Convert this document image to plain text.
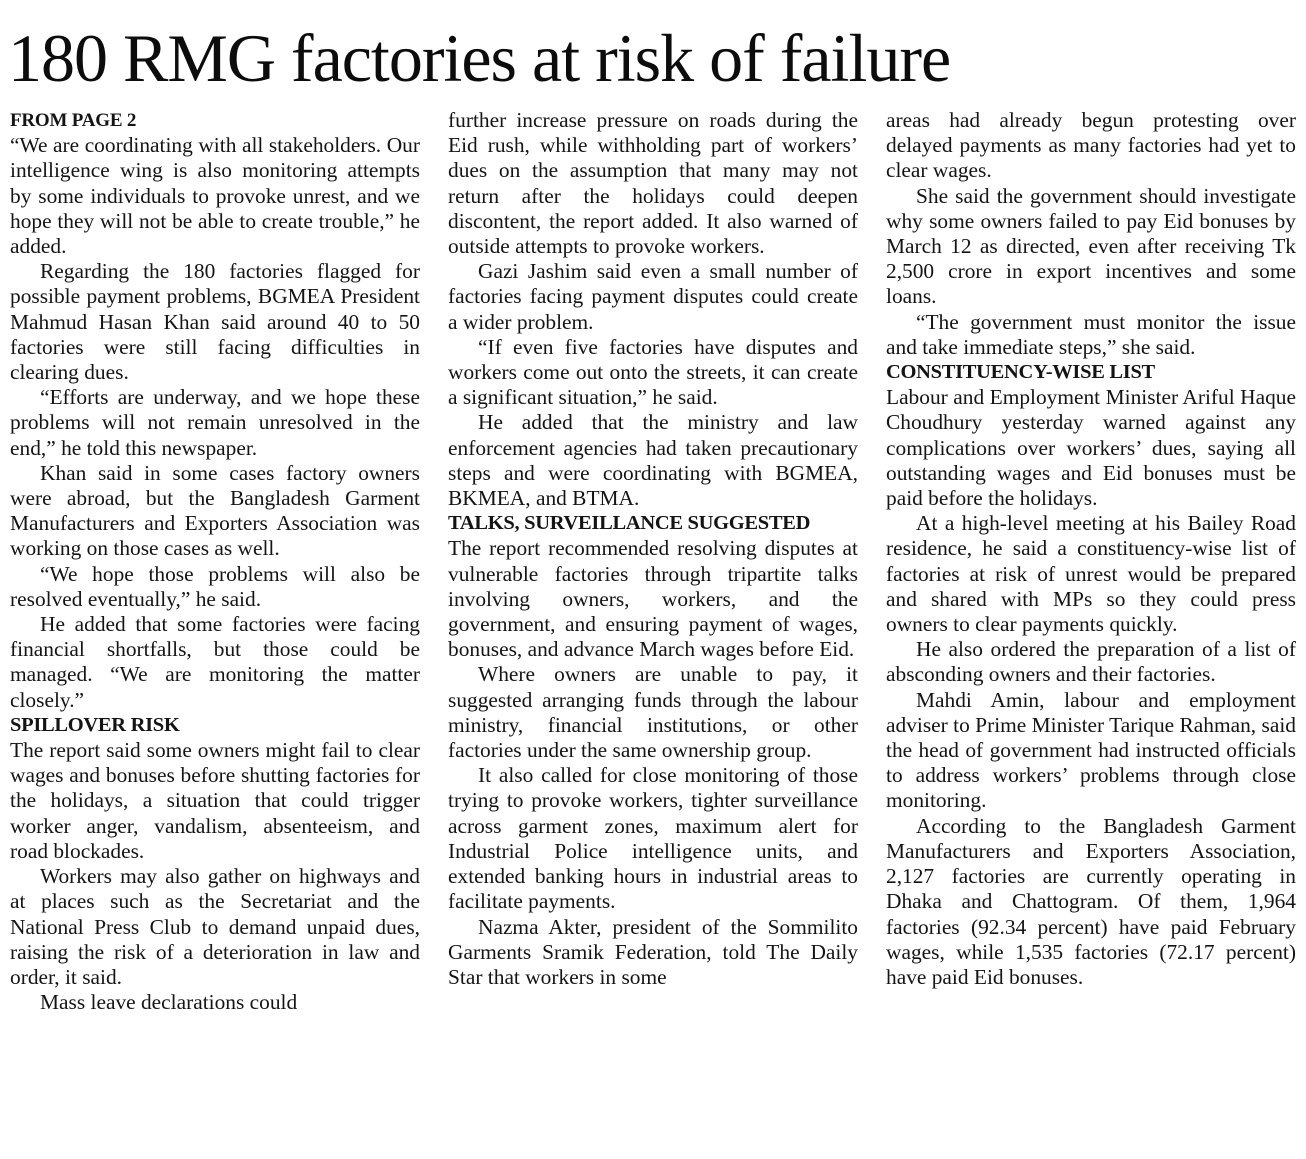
180 RMG factories at risk of failure
FROM PAGE 2

“We are coordinating with all stakeholders. Our intelligence wing is also monitoring attempts by some individuals to provoke unrest, and we hope they will not be able to create trouble,” he added.

Regarding the 180 factories flagged for possible payment problems, BGMEA President Mahmud Hasan Khan said around 40 to 50 factories were still facing difficulties in clearing dues.

“Efforts are underway, and we hope these problems will not remain unresolved in the end,” he told this newspaper.

Khan said in some cases factory owners were abroad, but the Bangladesh Garment Manufacturers and Exporters Association was working on those cases as well.

“We hope those problems will also be resolved eventually,” he said.

He added that some factories were facing financial shortfalls, but those could be managed. “We are monitoring the matter closely.”

SPILLOVER RISK

The report said some owners might fail to clear wages and bonuses before shutting factories for the holidays, a situation that could trigger worker anger, vandalism, absenteeism, and road blockades.

Workers may also gather on highways and at places such as the Secretariat and the National Press Club to demand unpaid dues, raising the risk of a deterioration in law and order, it said.

Mass leave declarations could

further increase pressure on roads during the Eid rush, while withholding part of workers’ dues on the assumption that many may not return after the holidays could deepen discontent, the report added. It also warned of outside attempts to provoke workers.

Gazi Jashim said even a small number of factories facing payment disputes could create a wider problem.

“If even five factories have disputes and workers come out onto the streets, it can create a significant situation,” he said.

He added that the ministry and law enforcement agencies had taken precautionary steps and were coordinating with BGMEA, BKMEA, and BTMA.

TALKS, SURVEILLANCE SUGGESTED

The report recommended resolving disputes at vulnerable factories through tripartite talks involving owners, workers, and the government, and ensuring payment of wages, bonuses, and advance March wages before Eid.

Where owners are unable to pay, it suggested arranging funds through the labour ministry, financial institutions, or other factories under the same ownership group.

It also called for close monitoring of those trying to provoke workers, tighter surveillance across garment zones, maximum alert for Industrial Police intelligence units, and extended banking hours in industrial areas to facilitate payments.

Nazma Akter, president of the Sommilito Garments Sramik Federation, told The Daily Star that workers in some

areas had already begun protesting over delayed payments as many factories had yet to clear wages.

She said the government should investigate why some owners failed to pay Eid bonuses by March 12 as directed, even after receiving Tk 2,500 crore in export incentives and some loans.

“The government must monitor the issue and take immediate steps,” she said.

CONSTITUENCY-WISE LIST

Labour and Employment Minister Ariful Haque Choudhury yesterday warned against any complications over workers’ dues, saying all outstanding wages and Eid bonuses must be paid before the holidays.

At a high-level meeting at his Bailey Road residence, he said a constituency-wise list of factories at risk of unrest would be prepared and shared with MPs so they could press owners to clear payments quickly.

He also ordered the preparation of a list of absconding owners and their factories.

Mahdi Amin, labour and employment adviser to Prime Minister Tarique Rahman, said the head of government had instructed officials to address workers’ problems through close monitoring.

According to the Bangladesh Garment Manufacturers and Exporters Association, 2,127 factories are currently operating in Dhaka and Chattogram. Of them, 1,964 factories (92.34 percent) have paid February wages, while 1,535 factories (72.17 percent) have paid Eid bonuses.
